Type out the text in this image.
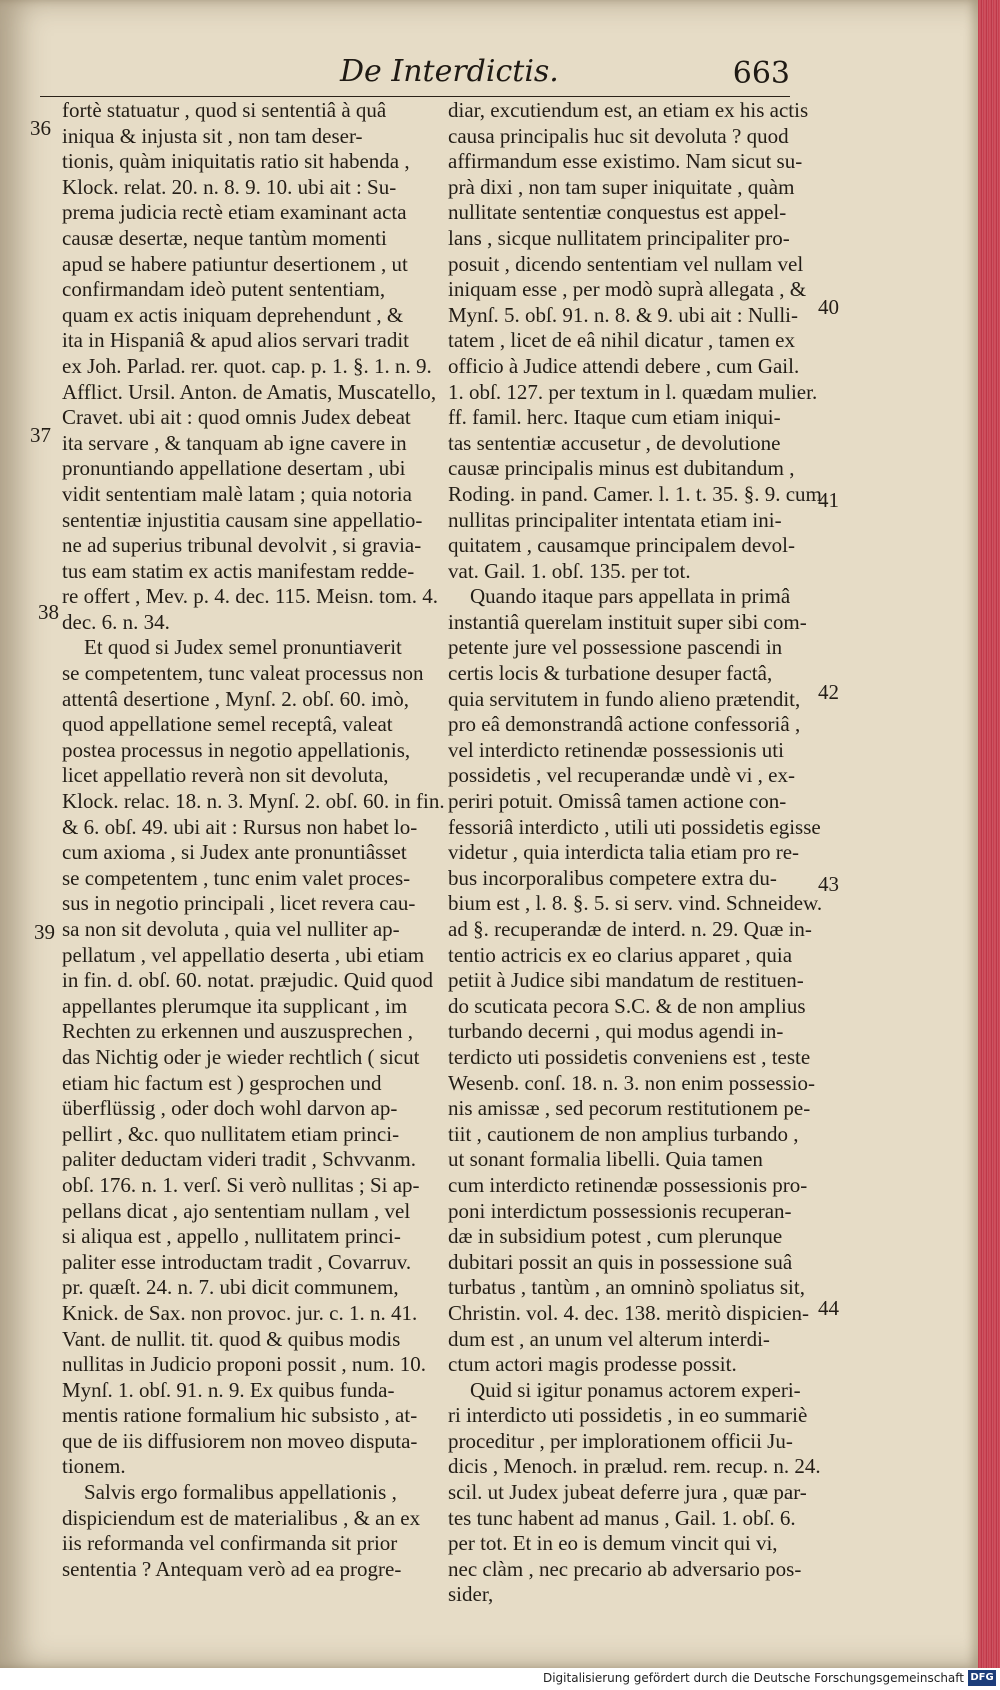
De Interdictis.	663
fortè statuatur , quod si sententiâ à quâ
iniqua & injusta sit , non tam deser-
tionis, quàm iniquitatis ratio sit habenda ,
Klock. relat. 20. n. 8. 9. 10. ubi ait : Su-
prema judicia rectè etiam examinant acta
causæ desertæ, neque tantùm momenti
apud se habere patiuntur desertionem , ut
confirmandam ideò putent sententiam,
quam ex actis iniquam deprehendunt , &
ita in Hispaniâ & apud alios servari tradit
ex Joh. Parlad. rer. quot. cap. p. 1. §. 1. n. 9.
Afflict. Ursil. Anton. de Amatis, Muscatello,
Cravet. ubi ait : quod omnis Judex debeat
ita servare , & tanquam ab igne cavere in
pronuntiando appellatione desertam , ubi
vidit sententiam malè latam ; quia notoria
sententiæ injustitia causam sine appellatio-
ne ad superius tribunal devolvit , si gravia-
tus eam statim ex actis manifestam redde-
re offert , Mev. p. 4. dec. 115. Meisn. tom. 4.
dec. 6. n. 34.
Et quod si Judex semel pronuntiaverit
se competentem, tunc valeat processus non
attentâ desertione , Mynſ. 2. obſ. 60. imò,
quod appellatione semel receptâ, valeat
postea processus in negotio appellationis,
licet appellatio reverà non sit devoluta,
Klock. relac. 18. n. 3. Mynſ. 2. obſ. 60. in fin.
& 6. obſ. 49. ubi ait : Rursus non habet lo-
cum axioma , si Judex ante pronuntiâsset
se competentem , tunc enim valet proces-
sus in negotio principali , licet revera cau-
sa non sit devoluta , quia vel nulliter ap-
pellatum , vel appellatio deserta , ubi etiam
in fin. d. obſ. 60. notat. præjudic. Quid quod
appellantes plerumque ita supplicant , im
Rechten zu erkennen und auszusprechen ,
das Nichtig oder je wieder rechtlich ( sicut
etiam hic factum est ) gesprochen und
überflüssig , oder doch wohl darvon ap-
pellirt , &c. quo nullitatem etiam princi-
paliter deductam videri tradit , Schvvanm.
obſ. 176. n. 1. verſ. Si verò nullitas ; Si ap-
pellans dicat , ajo sententiam nullam , vel
si aliqua est , appello , nullitatem princi-
paliter esse introductam tradit , Covarruv.
pr. quæſt. 24. n. 7. ubi dicit communem,
Knick. de Sax. non provoc. jur. c. 1. n. 41.
Vant. de nullit. tit. quod & quibus modis
nullitas in Judicio proponi possit , num. 10.
Mynſ. 1. obſ. 91. n. 9. Ex quibus funda-
mentis ratione formalium hic subsisto , at-
que de iis diffusiorem non moveo disputa-
tionem.
Salvis ergo formalibus appellationis ,
dispiciendum est de materialibus , & an ex
iis reformanda vel confirmanda sit prior
sententia ? Antequam verò ad ea progre-
diar, excutiendum est, an etiam ex his actis
causa principalis huc sit devoluta ? quod
affirmandum esse existimo. Nam sicut su-
prà dixi , non tam super iniquitate , quàm
nullitate sententiæ conquestus est appel-
lans , sicque nullitatem principaliter pro-
posuit , dicendo sententiam vel nullam vel
iniquam esse , per modò suprà allegata , &
Mynſ. 5. obſ. 91. n. 8. & 9. ubi ait : Nulli-
tatem , licet de eâ nihil dicatur , tamen ex
officio à Judice attendi debere , cum Gail.
1. obſ. 127. per textum in l. quædam mulier.
ff. famil. herc. Itaque cum etiam iniqui-
tas sententiæ accusetur , de devolutione
causæ principalis minus est dubitandum ,
Roding. in pand. Camer. l. 1. t. 35. §. 9. cum
nullitas principaliter intentata etiam ini-
quitatem , causamque principalem devol-
vat. Gail. 1. obſ. 135. per tot.
Quando itaque pars appellata in primâ
instantiâ querelam instituit super sibi com-
petente jure vel possessione pascendi in
certis locis & turbatione desuper factâ,
quia servitutem in fundo alieno prætendit,
pro eâ demonstrandâ actione confessoriâ ,
vel interdicto retinendæ possessionis uti
possidetis , vel recuperandæ undè vi , ex-
periri potuit. Omissâ tamen actione con-
fessoriâ interdicto , utili uti possidetis egisse
videtur , quia interdicta talia etiam pro re-
bus incorporalibus competere extra du-
bium est , l. 8. §. 5. si serv. vind. Schneidew.
ad §. recuperandæ de interd. n. 29. Quæ in-
tentio actricis ex eo clarius apparet , quia
petiit à Judice sibi mandatum de restituen-
do scuticata pecora S.C. & de non amplius
turbando decerni , qui modus agendi in-
terdicto uti possidetis conveniens est , teste
Wesenb. conſ. 18. n. 3. non enim possessio-
nis amissæ , sed pecorum restitutionem pe-
tiit , cautionem de non amplius turbando ,
ut sonant formalia libelli. Quia tamen
cum interdicto retinendæ possessionis pro-
poni interdictum possessionis recuperan-
dæ in subsidium potest , cum plerunque
dubitari possit an quis in possessione suâ
turbatus , tantùm , an omninò spoliatus sit,
Christin. vol. 4. dec. 138. meritò dispicien-
dum est , an unum vel alterum interdi-
ctum actori magis prodesse possit.
Quid si igitur ponamus actorem experi-
ri interdicto uti possidetis , in eo summariè
proceditur , per implorationem officii Ju-
dicis , Menoch. in prælud. rem. recup. n. 24.
scil. ut Judex jubeat deferre jura , quæ par-
tes tunc habent ad manus , Gail. 1. obſ. 6.
per tot. Et in eo is demum vincit qui vi,
nec clàm , nec precario ab adversario pos-
sider,
36
37
38
39
40
41
42
43
44
Digitalisierung gefördert durch die Deutsche Forschungsgemeinschaft DFG
